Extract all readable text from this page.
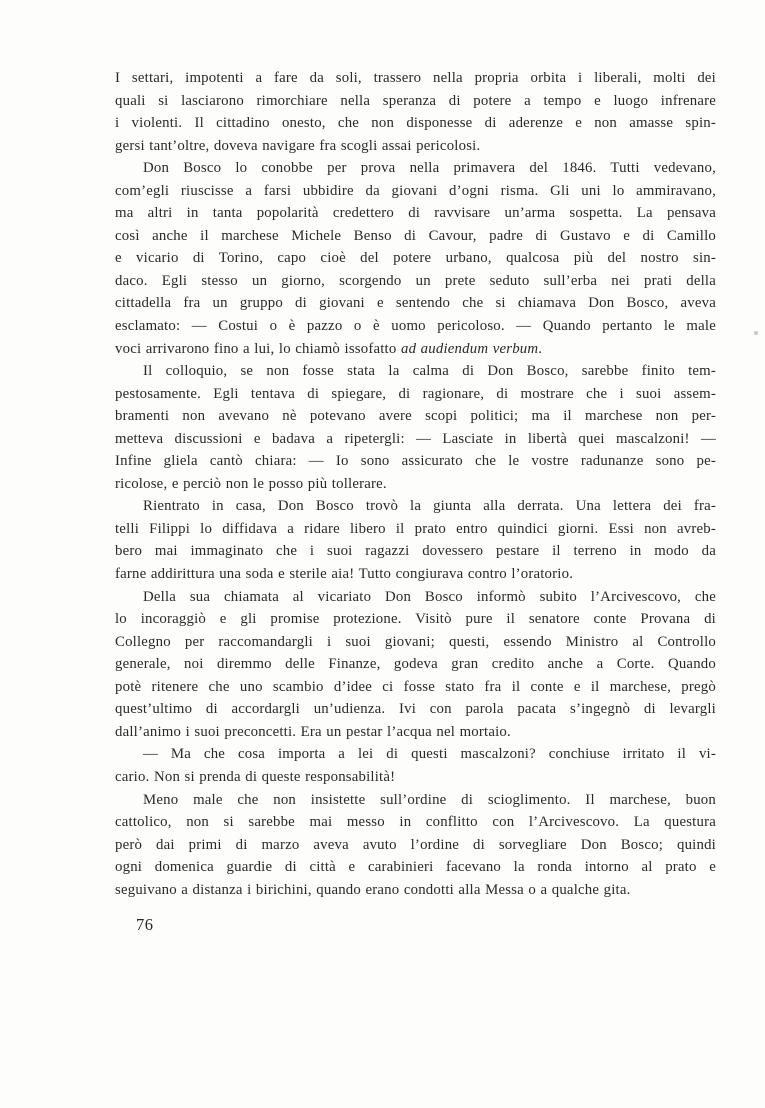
I settari, impotenti a fare da soli, trassero nella propria orbita i liberali, molti dei
quali si lasciarono rimorchiare nella speranza di potere a tempo e luogo infrenare
i violenti. Il cittadino onesto, che non disponesse di aderenze e non amasse spin-
gersi tant’oltre, doveva navigare fra scogli assai pericolosi.
Don Bosco lo conobbe per prova nella primavera del 1846. Tutti vedevano,
com’egli riuscisse a farsi ubbidire da giovani d’ogni risma. Gli uni lo ammiravano,
ma altri in tanta popolarità credettero di ravvisare un’arma sospetta. La pensava
così anche il marchese Michele Benso di Cavour, padre di Gustavo e di Camillo
e vicario di Torino, capo cioè del potere urbano, qualcosa più del nostro sin-
daco. Egli stesso un giorno, scorgendo un prete seduto sull’erba nei prati della
cittadella fra un gruppo di giovani e sentendo che si chiamava Don Bosco, aveva
esclamato: — Costui o è pazzo o è uomo pericoloso. — Quando pertanto le male
voci arrivarono fino a lui, lo chiamò issofatto ad audiendum verbum.
Il colloquio, se non fosse stata la calma di Don Bosco, sarebbe finito tem-
pestosamente. Egli tentava di spiegare, di ragionare, di mostrare che i suoi assem-
bramenti non avevano nè potevano avere scopi politici; ma il marchese non per-
metteva discussioni e badava a ripetergli: — Lasciate in libertà quei mascalzoni! —
Infine gliela cantò chiara: — Io sono assicurato che le vostre radunanze sono pe-
ricolose, e perciò non le posso più tollerare.
Rientrato in casa, Don Bosco trovò la giunta alla derrata. Una lettera dei fra-
telli Filippi lo diffidava a ridare libero il prato entro quindici giorni. Essi non avreb-
bero mai immaginato che i suoi ragazzi dovessero pestare il terreno in modo da
farne addirittura una soda e sterile aia! Tutto congiurava contro l’oratorio.
Della sua chiamata al vicariato Don Bosco informò subito l’Arcivescovo, che
lo incoraggiò e gli promise protezione. Visitò pure il senatore conte Provana di
Collegno per raccomandargli i suoi giovani; questi, essendo Ministro al Controllo
generale, noi diremmo delle Finanze, godeva gran credito anche a Corte. Quando
potè ritenere che uno scambio d’idee ci fosse stato fra il conte e il marchese, pregò
quest’ultimo di accordargli un’udienza. Ivi con parola pacata s’ingegnò di levargli
dall’animo i suoi preconcetti. Era un pestar l’acqua nel mortaio.
— Ma che cosa importa a lei di questi mascalzoni? conchiuse irritato il vi-
cario. Non si prenda di queste responsabilità!
Meno male che non insistette sull’ordine di scioglimento. Il marchese, buon
cattolico, non si sarebbe mai messo in conflitto con l’Arcivescovo. La questura
però dai primi di marzo aveva avuto l’ordine di sorvegliare Don Bosco; quindi
ogni domenica guardie di città e carabinieri facevano la ronda intorno al prato e
seguivano a distanza i birichini, quando erano condotti alla Messa o a qualche gita.
76
